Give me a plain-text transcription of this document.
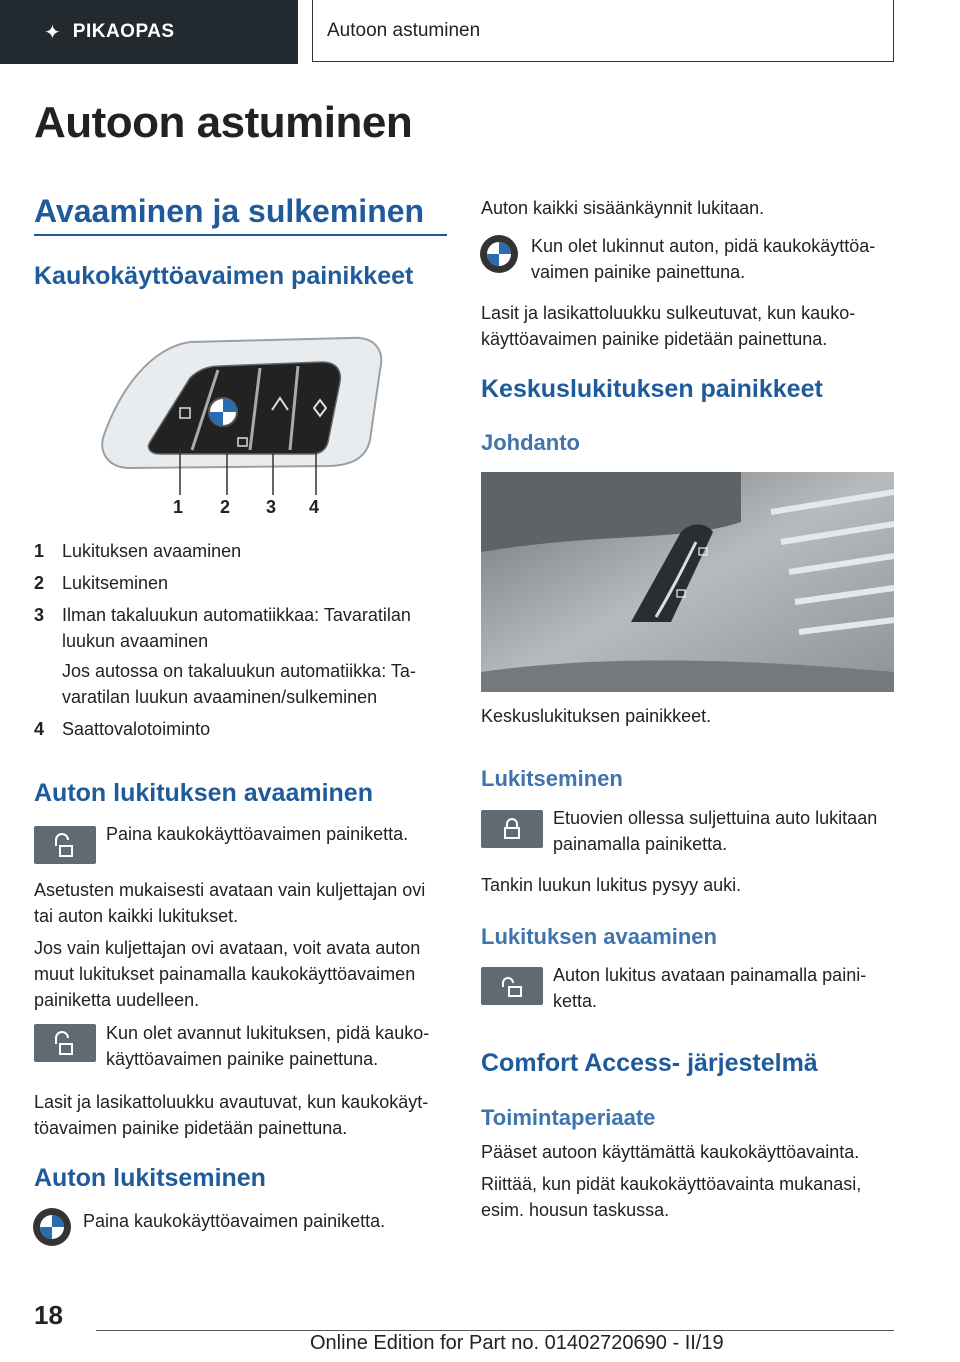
✦ PIKAOPAS	Autoon astuminen
Autoon astuminen
Avaaminen ja sulkeminen
Kaukokäyttöavaimen painikkeet
1 2 3 4
1 Lukituksen avaaminen

2 Lukitseminen

3 Ilman takaluukun automatiikkaa: Tavaratilan

luukun avaaminen

Jos autossa on takaluukun automatiikka: Ta-

varatilan luukun avaaminen/sulkeminen

4 Saattovalotoiminto

Auton lukituksen avaaminen

Paina kaukokäyttöavaimen painiketta.

Asetusten mukaisesti avataan vain kuljettajan ovi

tai auton kaikki lukitukset.

Jos vain kuljettajan ovi avataan, voit avata auton

muut lukitukset painamalla kaukokäyttöavaimen

painiketta uudelleen.

Kun olet avannut lukituksen, pidä kauko-

käyttöavaimen painike painettuna.

Lasit ja lasikattoluukku avautuvat, kun kaukokäyt-

töavaimen painike pidetään painettuna.

Auton lukitseminen

Paina kaukokäyttöavaimen painiketta.

Auton kaikki sisäänkäynnit lukitaan.

Kun olet lukinnut auton, pidä kaukokäyttöa-

vaimen painike painettuna.

Lasit ja lasikattoluukku sulkeutuvat, kun kauko-

käyttöavaimen painike pidetään painettuna.

Keskuslukituksen painikkeet
Johdanto

Keskuslukituksen painikkeet.

Lukitseminen

Etuovien ollessa suljettuina auto lukitaan

painamalla painiketta.

Tankin luukun lukitus pysyy auki.

Lukituksen avaaminen

Auton lukitus avataan painamalla paini-

ketta.

Comfort Access- järjestelmä
Toimintaperiaate

Pääset autoon käyttämättä kaukokäyttöavainta.

Riittää, kun pidät kaukokäyttöavainta mukanasi,

esim. housun taskussa.

18
Online Edition for Part no. 01402720690 - II/19
